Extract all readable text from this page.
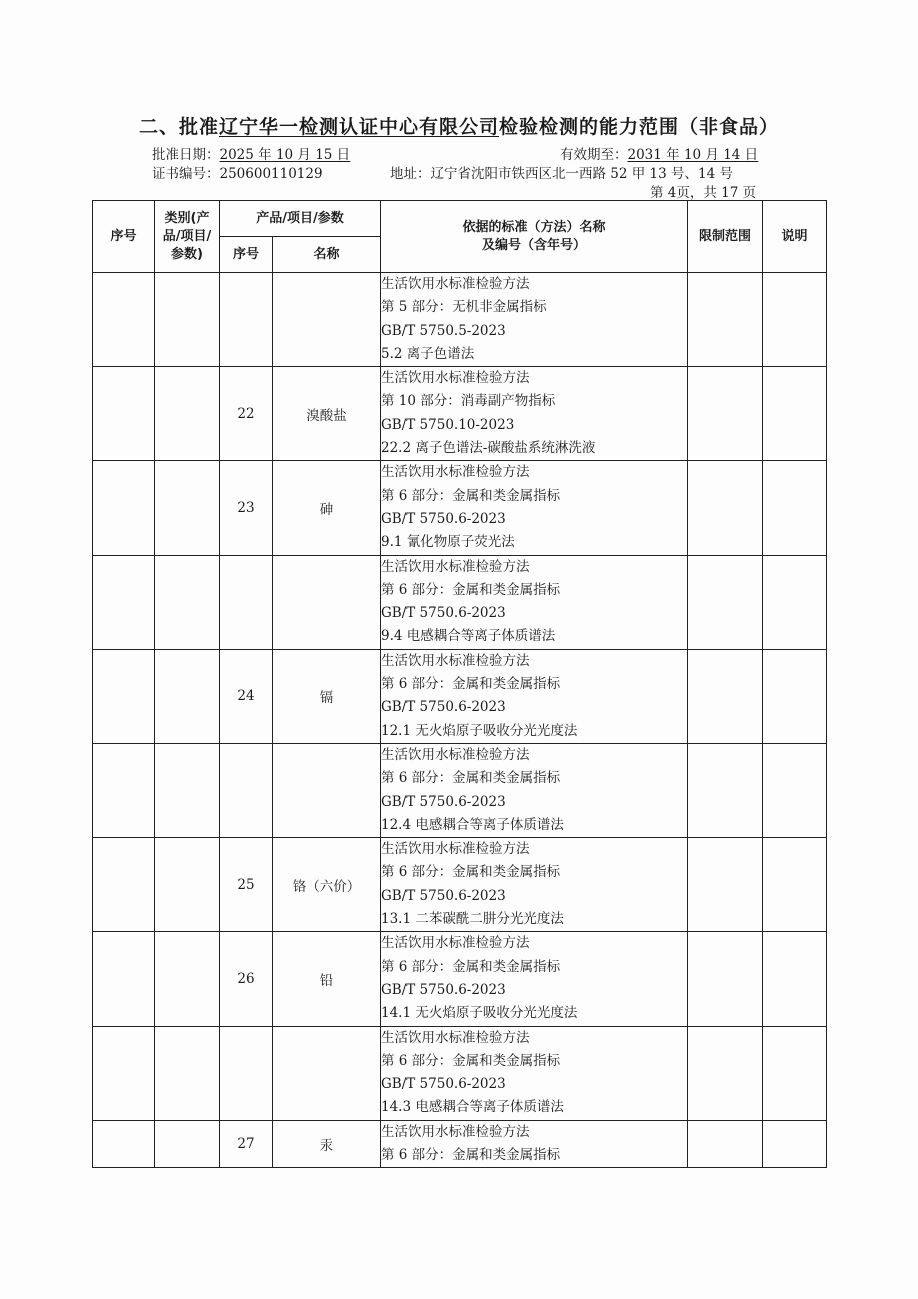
二、批准辽宁华一检测认证中心有限公司检验检测的能力范围（非食品）
批准日期：2025 年 10 月 15 日	有效期至：2031 年 10 月 14 日
证书编号：250600110129	地址：辽宁省沈阳市铁西区北一西路 52 甲 13 号、14 号
第 4页，共 17 页
序号	类别(产
品/项目/
参数)	产品/项目/参数		依据的标准（方法）名称
及编号（含年号）	限制范围	说明
		序号	名称			

				生活饮用水标准检验方法
第 5 部分：无机非金属指标
GB/T 5750.5-2023
5.2 离子色谱法		

		22	溴酸盐	生活饮用水标准检验方法
第 10 部分：消毒副产物指标
GB/T 5750.10-2023
22.2 离子色谱法-碳酸盐系统淋洗液		

		23	砷	生活饮用水标准检验方法
第 6 部分：金属和类金属指标
GB/T 5750.6-2023
9.1 氰化物原子荧光法		

				生活饮用水标准检验方法
第 6 部分：金属和类金属指标
GB/T 5750.6-2023
9.4 电感耦合等离子体质谱法		

		24	镉	生活饮用水标准检验方法
第 6 部分：金属和类金属指标
GB/T 5750.6-2023
12.1 无火焰原子吸收分光光度法		

				生活饮用水标准检验方法
第 6 部分：金属和类金属指标
GB/T 5750.6-2023
12.4 电感耦合等离子体质谱法		

		25	铬（六价）	生活饮用水标准检验方法
第 6 部分：金属和类金属指标
GB/T 5750.6-2023
13.1 二苯碳酰二肼分光光度法		

		26	铅	生活饮用水标准检验方法
第 6 部分：金属和类金属指标
GB/T 5750.6-2023
14.1 无火焰原子吸收分光光度法		

				生活饮用水标准检验方法
第 6 部分：金属和类金属指标
GB/T 5750.6-2023
14.3 电感耦合等离子体质谱法		

		27	汞	生活饮用水标准检验方法
第 6 部分：金属和类金属指标		
